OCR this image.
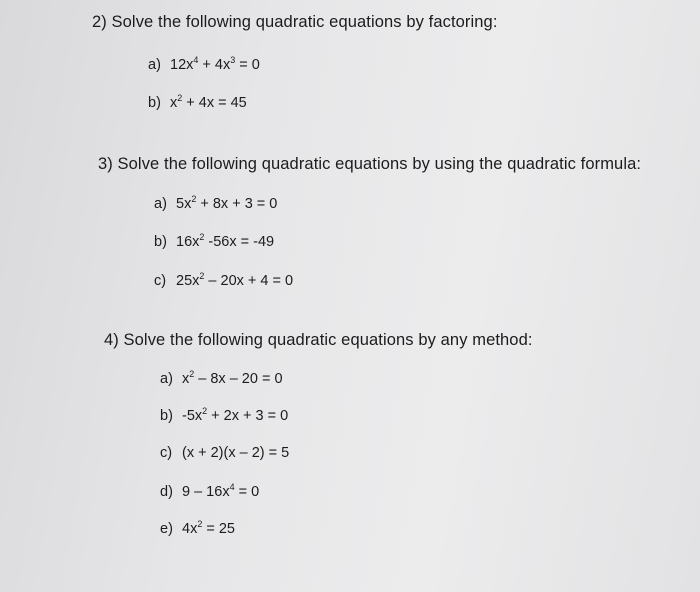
2) Solve the following quadratic equations by factoring:
a) $12x^4 + 4x^3 = 0$
b) $x^2 + 4x = 45$
3) Solve the following quadratic equations by using the quadratic formula:
a) $5x^2 + 8x + 3 = 0$
b) $16x^2$ -56x = -49
c) $25x^2 - 20x + 4 = 0$
4) Solve the following quadratic equations by any method:
a) $x^2 - 8x - 20 = 0$
b) $-5x^2 + 2x + 3 = 0$
c) (x + 2)(x – 2) = 5
d) $9 - 16x^4 = 0$
e) $4x^2 = 25$
